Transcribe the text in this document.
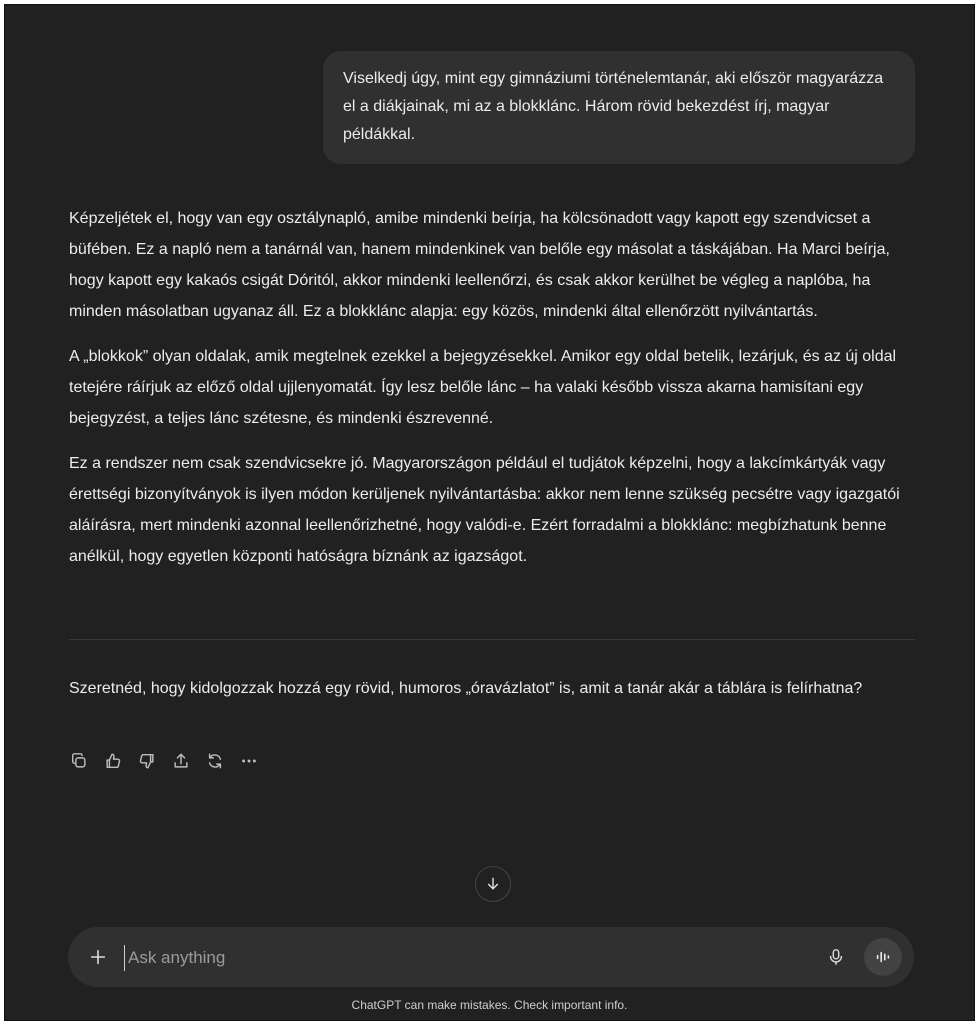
Viselkedj úgy, mint egy gimnáziumi történelemtanár, aki először magyarázza el a diákjainak, mi az a blokklánc. Három rövid bekezdést írj, magyar példákkal.

Képzeljétek el, hogy van egy osztálynapló, amibe mindenki beírja, ha kölcsönadott vagy kapott egy szendvicset a büfében. Ez a napló nem a tanárnál van, hanem mindenkinek van belőle egy másolat a táskájában. Ha Marci beírja, hogy kapott egy kakaós csigát Dóritól, akkor mindenki leellenőrzi, és csak akkor kerülhet be végleg a naplóba, ha minden másolatban ugyanaz áll. Ez a blokklánc alapja: egy közös, mindenki által ellenőrzött nyilvántartás.

A „blokkok” olyan oldalak, amik megtelnek ezekkel a bejegyzésekkel. Amikor egy oldal betelik, lezárjuk, és az új oldal tetejére ráírjuk az előző oldal ujjlenyomatát. Így lesz belőle lánc – ha valaki később vissza akarna hamisítani egy bejegyzést, a teljes lánc szétesne, és mindenki észrevenné.

Ez a rendszer nem csak szendvicsekre jó. Magyarországon például el tudjátok képzelni, hogy a lakcímkártyák vagy érettségi bizonyítványok is ilyen módon kerüljenek nyilvántartásba: akkor nem lenne szükség pecsétre vagy igazgatói aláírásra, mert mindenki azonnal leellenőrizhetné, hogy valódi-e. Ezért forradalmi a blokklánc: megbízhatunk benne anélkül, hogy egyetlen központi hatóságra bíznánk az igazságot.

Szeretnéd, hogy kidolgozzak hozzá egy rövid, humoros „óravázlatot” is, amit a tanár akár a táblára is felírhatna?
Ask anything
ChatGPT can make mistakes. Check important info.
